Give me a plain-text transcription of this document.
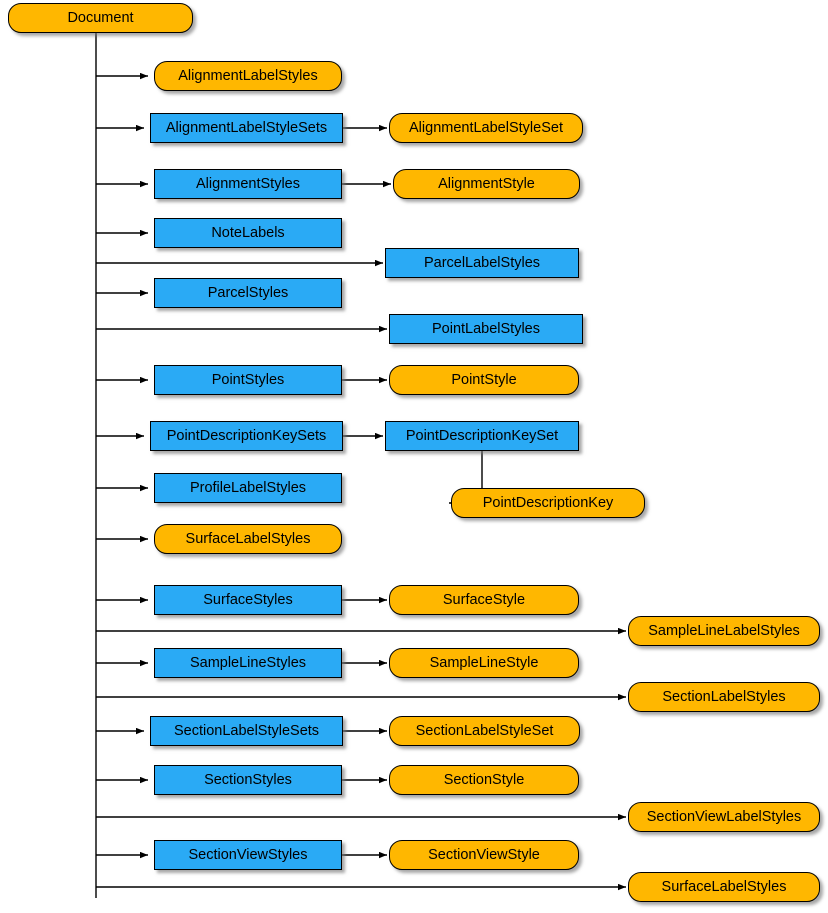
Document
AlignmentLabelStyles
AlignmentLabelStyleSets	AlignmentLabelStyleSet
AlignmentStyles	AlignmentStyle
NoteLabels
ParcelLabelStyles
ParcelStyles
PointLabelStyles
PointStyles	PointStyle
PointDescriptionKeySets	PointDescriptionKeySet
PointDescriptionKey
ProfileLabelStyles
SurfaceLabelStyles
SurfaceStyles	SurfaceStyle
SampleLineLabelStyles
SampleLineStyles	SampleLineStyle
SectionLabelStyles
SectionLabelStyleSets	SectionLabelStyleSet
SectionStyles	SectionStyle
SectionViewLabelStyles
SectionViewStyles	SectionViewStyle
SurfaceLabelStyles
